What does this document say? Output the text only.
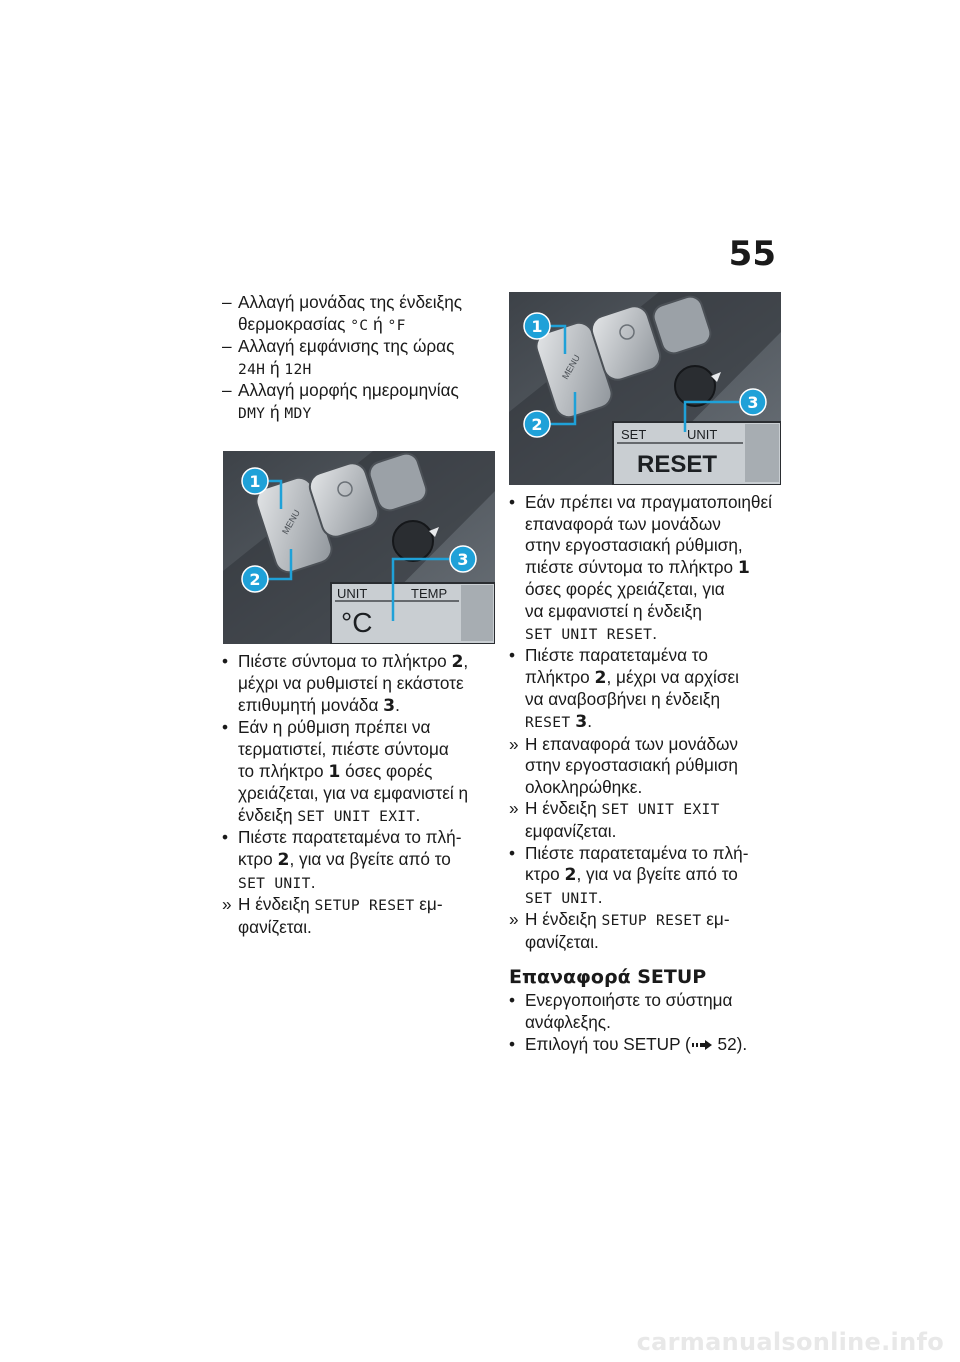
55
– Αλλαγή μονάδας της ένδειξης
θερμοκρασίας °C ή °F
– Αλλαγή εμφάνισης της ώρας
24H ή 12H
– Αλλαγή μορφής ημερομηνίας
DMY ή MDY
MENU
UNIT	TEMP
°C
1
2
3
• Πιέστε σύντομα το πλήκτρο 2,
μέχρι να ρυθμιστεί η εκάστοτε
επιθυμητή μονάδα 3.
• Εάν η ρύθμιση πρέπει να
τερματιστεί, πιέστε σύντομα
το πλήκτρο 1 όσες φορές
χρειάζεται, για να εμφανιστεί η
ένδειξη SET UNIT EXIT.
• Πιέστε παρατεταμένα το πλή-
κτρο 2, για να βγείτε από το
SET UNIT.
» Η ένδειξη SETUP RESET εμ-
φανίζεται.
MENU
SET	UNIT
RESET
1
2
3
• Εάν πρέπει να πραγματοποιηθεί
επαναφορά των μονάδων
στην εργοστασιακή ρύθμιση,
πιέστε σύντομα το πλήκτρο 1
όσες φορές χρειάζεται, για
να εμφανιστεί η ένδειξη
SET UNIT RESET.
• Πιέστε παρατεταμένα το
πλήκτρο 2, μέχρι να αρχίσει
να αναβοσβήνει η ένδειξη
RESET 3.
» Η επαναφορά των μονάδων
στην εργοστασιακή ρύθμιση
ολοκληρώθηκε.
» Η ένδειξη SET UNIT EXIT
εμφανίζεται.
• Πιέστε παρατεταμένα το πλή-
κτρο 2, για να βγείτε από το
SET UNIT.
» Η ένδειξη SETUP RESET εμ-
φανίζεται.
Επαναφορά SETUP
• Ενεργοποιήστε το σύστημα
ανάφλεξης.
• Επιλογή του SETUP ( 52).
carmanualsonline.info
